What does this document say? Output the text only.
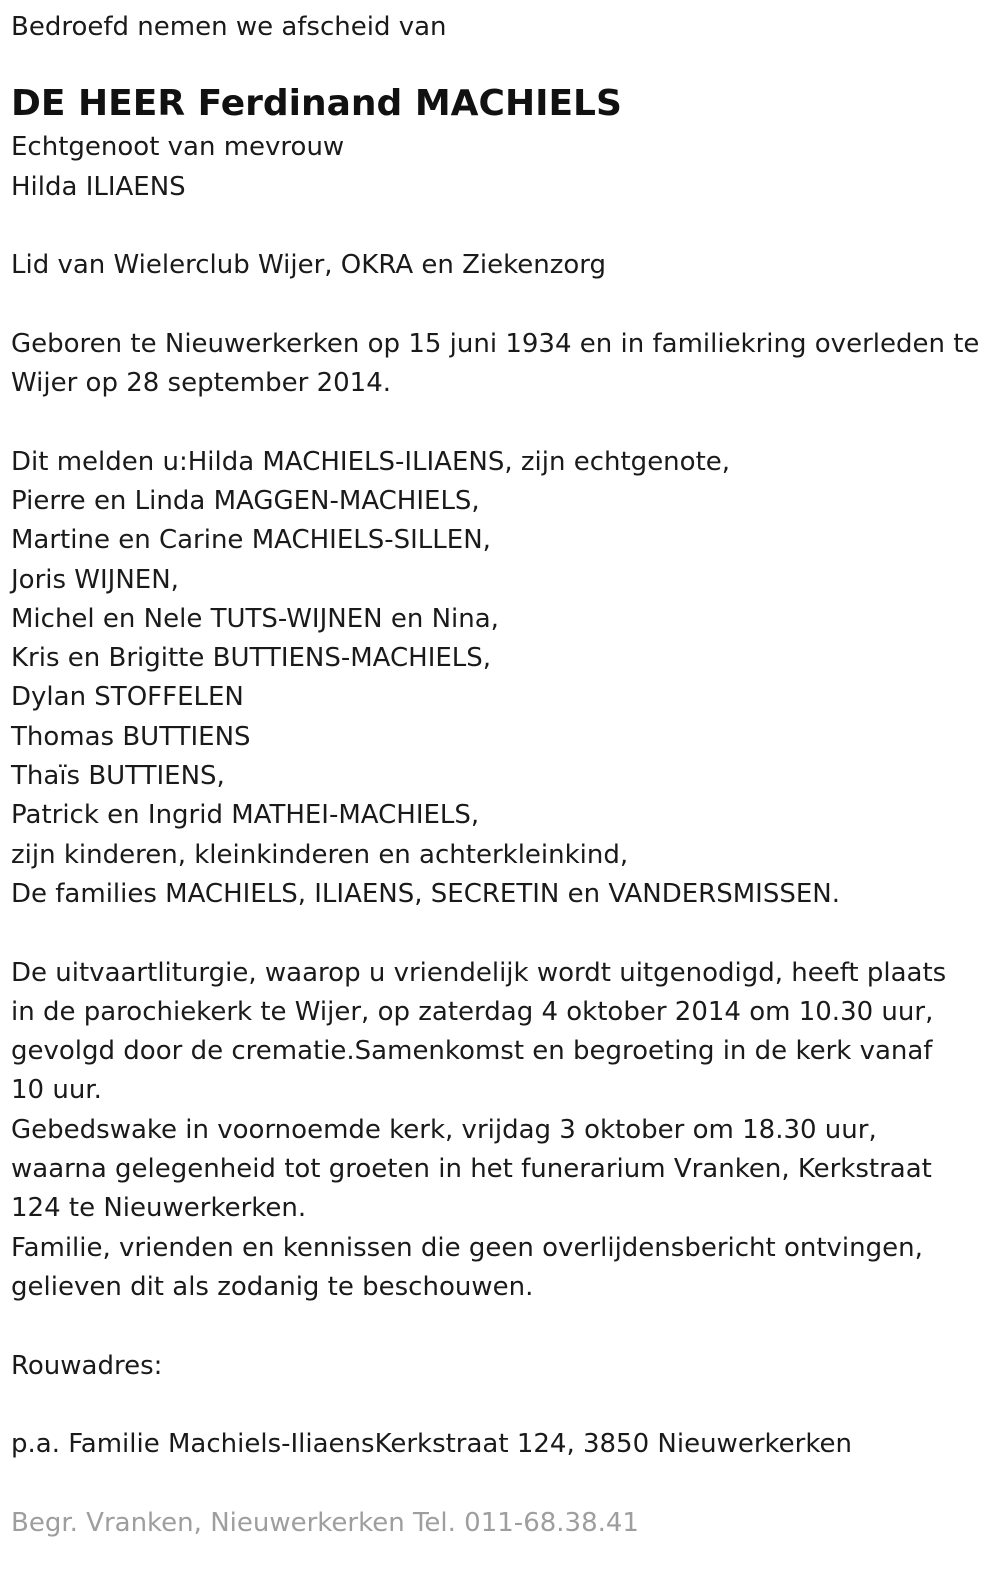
Bedroefd nemen we afscheid van

DE HEER Ferdinand MACHIELS

Echtgenoot van mevrouw

Hilda ILIAENS

Lid van Wielerclub Wijer, OKRA en Ziekenzorg

Geboren te Nieuwerkerken op 15 juni 1934 en in familiekring overleden te

Wijer op 28 september 2014.

Dit melden u:Hilda MACHIELS-ILIAENS, zijn echtgenote,

Pierre en Linda MAGGEN-MACHIELS,

Martine en Carine MACHIELS-SILLEN,

Joris WIJNEN,

Michel en Nele TUTS-WIJNEN en Nina,

Kris en Brigitte BUTTIENS-MACHIELS,

Dylan STOFFELEN

Thomas BUTTIENS

Thaïs BUTTIENS,

Patrick en Ingrid MATHEI-MACHIELS,

zijn kinderen, kleinkinderen en achterkleinkind,

De families MACHIELS, ILIAENS, SECRETIN en VANDERSMISSEN.

De uitvaartliturgie, waarop u vriendelijk wordt uitgenodigd, heeft plaats

in de parochiekerk te Wijer, op zaterdag 4 oktober 2014 om 10.30 uur,

gevolgd door de crematie.Samenkomst en begroeting in de kerk vanaf

10 uur.

Gebedswake in voornoemde kerk, vrijdag 3 oktober om 18.30 uur,

waarna gelegenheid tot groeten in het funerarium Vranken, Kerkstraat

124 te Nieuwerkerken.

Familie, vrienden en kennissen die geen overlijdensbericht ontvingen,

gelieven dit als zodanig te beschouwen.

Rouwadres:

p.a. Familie Machiels-IliaensKerkstraat 124, 3850 Nieuwerkerken

Begr. Vranken, Nieuwerkerken Tel. 011-68.38.41
